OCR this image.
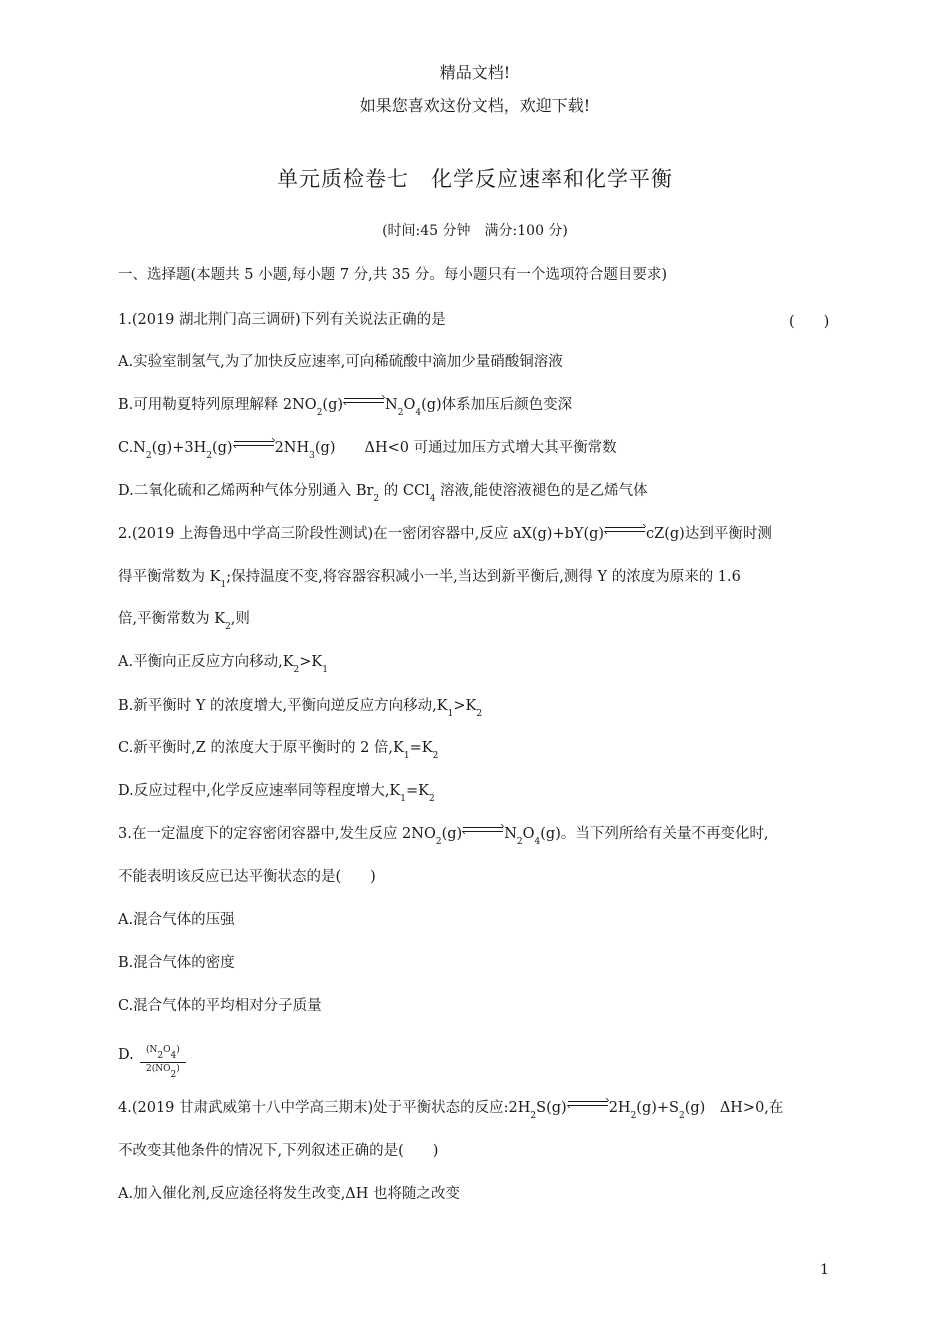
精品文档!
如果您喜欢这份文档，欢迎下载!
单元质检卷七　化学反应速率和化学平衡
(时间:45 分钟　满分:100 分)
一、选择题(本题共 5 小题,每小题 7 分,共 35 分。每小题只有一个选项符合题目要求)
1.(2019 湖北荆门高三调研)下列有关说法正确的是	(　　)
A.实验室制氢气,为了加快反应速率,可向稀硫酸中滴加少量硝酸铜溶液
B.可用勒夏特列原理解释 $2NO_2(g)$	$N_2O_4(g)$体系加压后颜色变深
$C.N_2(g)+3H_2(g)$	$2NH_3(g)$　　ΔH<0 可通过加压方式增大其平衡常数
D.二氧化硫和乙烯两种气体分别通入 $Br_2$ 的 CCl$_4$ 溶液,能使溶液褪色的是乙烯气体
2.(2019 上海鲁迅中学高三阶段性测试)在一密闭容器中,反应 aX(g)+bY(g)	cZ(g)达到平衡时测
得平衡常数为 $K_1$;保持温度不变,将容器容积减小一半,当达到新平衡后,测得 Y 的浓度为原来的 1.6
倍,平衡常数为 $K_2$,则
A.平衡向正反应方向移动$,K_2>K_1$
B.新平衡时 Y 的浓度增大,平衡向逆反应方向移动$,K_1>K_2$
C.新平衡时,Z 的浓度大于原平衡时的 2 倍$,K_1=K_2$
D.反应过程中,化学反应速率同等程度增大$,K_1=K_2$
3.在一定温度下的定容密闭容器中,发生反应 $2NO_2(g)$	$N_2O_4(g)$。当下列所给有关量不再变化时,
不能表明该反应已达平衡状态的是(　　)
A.混合气体的压强
B.混合气体的密度
C.混合气体的平均相对分子质量
D. $\frac{(N_2O_4)}{2(NO_2)}$
4.(2019 甘肃武威第十八中学高三期末)处于平衡状态的反应$:2H_2S(g)$	$2H_2(g)+S_2(g)$　ΔH>0,在
不改变其他条件的情况下,下列叙述正确的是(　　)
A.加入催化剂,反应途径将发生改变,ΔH 也将随之改变
1
